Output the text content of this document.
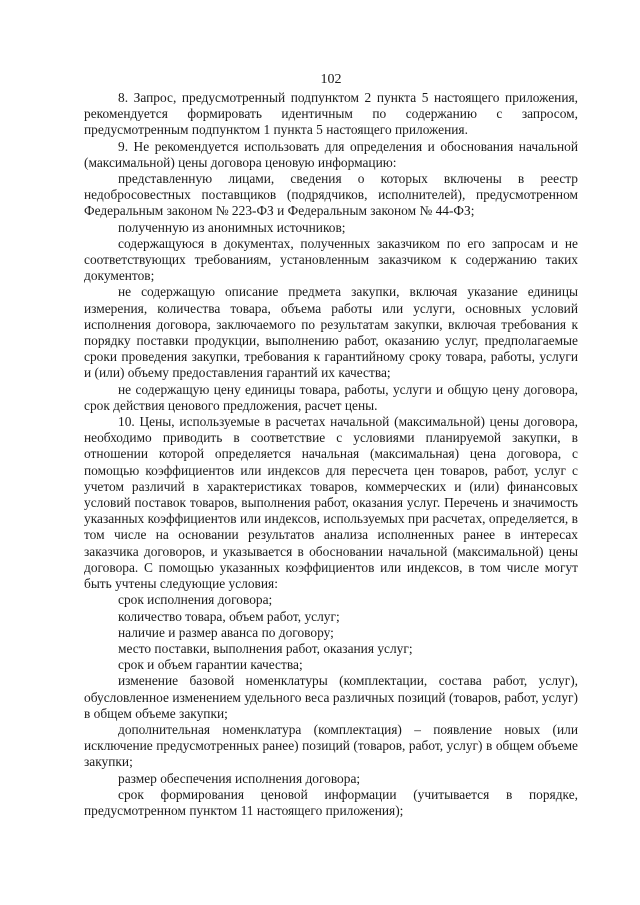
102

8. Запрос, предусмотренный подпунктом 2 пункта 5 настоящего приложения, рекомендуется формировать идентичным по содержанию с запросом, предусмотренным подпунктом 1 пункта 5 настоящего приложения.

9. Не рекомендуется использовать для определения и обоснования начальной (максимальной) цены договора ценовую информацию:

представленную лицами, сведения о которых включены в реестр недобросовестных поставщиков (подрядчиков, исполнителей), предусмотренном Федеральным законом № 223-ФЗ и Федеральным законом № 44-ФЗ;

полученную из анонимных источников;

содержащуюся в документах, полученных заказчиком по его запросам и не соответствующих требованиям, установленным заказчиком к содержанию таких документов;

не содержащую описание предмета закупки, включая указание единицы измерения, количества товара, объема работы или услуги, основных условий исполнения договора, заключаемого по результатам закупки, включая требования к порядку поставки продукции, выполнению работ, оказанию услуг, предполагаемые сроки проведения закупки, требования к гарантийному сроку товара, работы, услуги и (или) объему предоставления гарантий их качества;

не содержащую цену единицы товара, работы, услуги и общую цену договора, срок действия ценового предложения, расчет цены.

10. Цены, используемые в расчетах начальной (максимальной) цены договора, необходимо приводить в соответствие с условиями планируемой закупки, в отношении которой определяется начальная (максимальная) цена договора, с помощью коэффициентов или индексов для пересчета цен товаров, работ, услуг с учетом различий в характеристиках товаров, коммерческих и (или) финансовых условий поставок товаров, выполнения работ, оказания услуг. Перечень и значимость указанных коэффициентов или индексов, используемых при расчетах, определяется, в том числе на основании результатов анализа исполненных ранее в интересах заказчика договоров, и указывается в обосновании начальной (максимальной) цены договора. С помощью указанных коэффициентов или индексов, в том числе могут быть учтены следующие условия:

срок исполнения договора;

количество товара, объем работ, услуг;

наличие и размер аванса по договору;

место поставки, выполнения работ, оказания услуг;

срок и объем гарантии качества;

изменение базовой номенклатуры (комплектации, состава работ, услуг), обусловленное изменением удельного веса различных позиций (товаров, работ, услуг) в общем объеме закупки;

дополнительная номенклатура (комплектация) – появление новых (или исключение предусмотренных ранее) позиций (товаров, работ, услуг) в общем объеме закупки;

размер обеспечения исполнения договора;

срок формирования ценовой информации (учитывается в порядке, предусмотренном пунктом 11 настоящего приложения);
